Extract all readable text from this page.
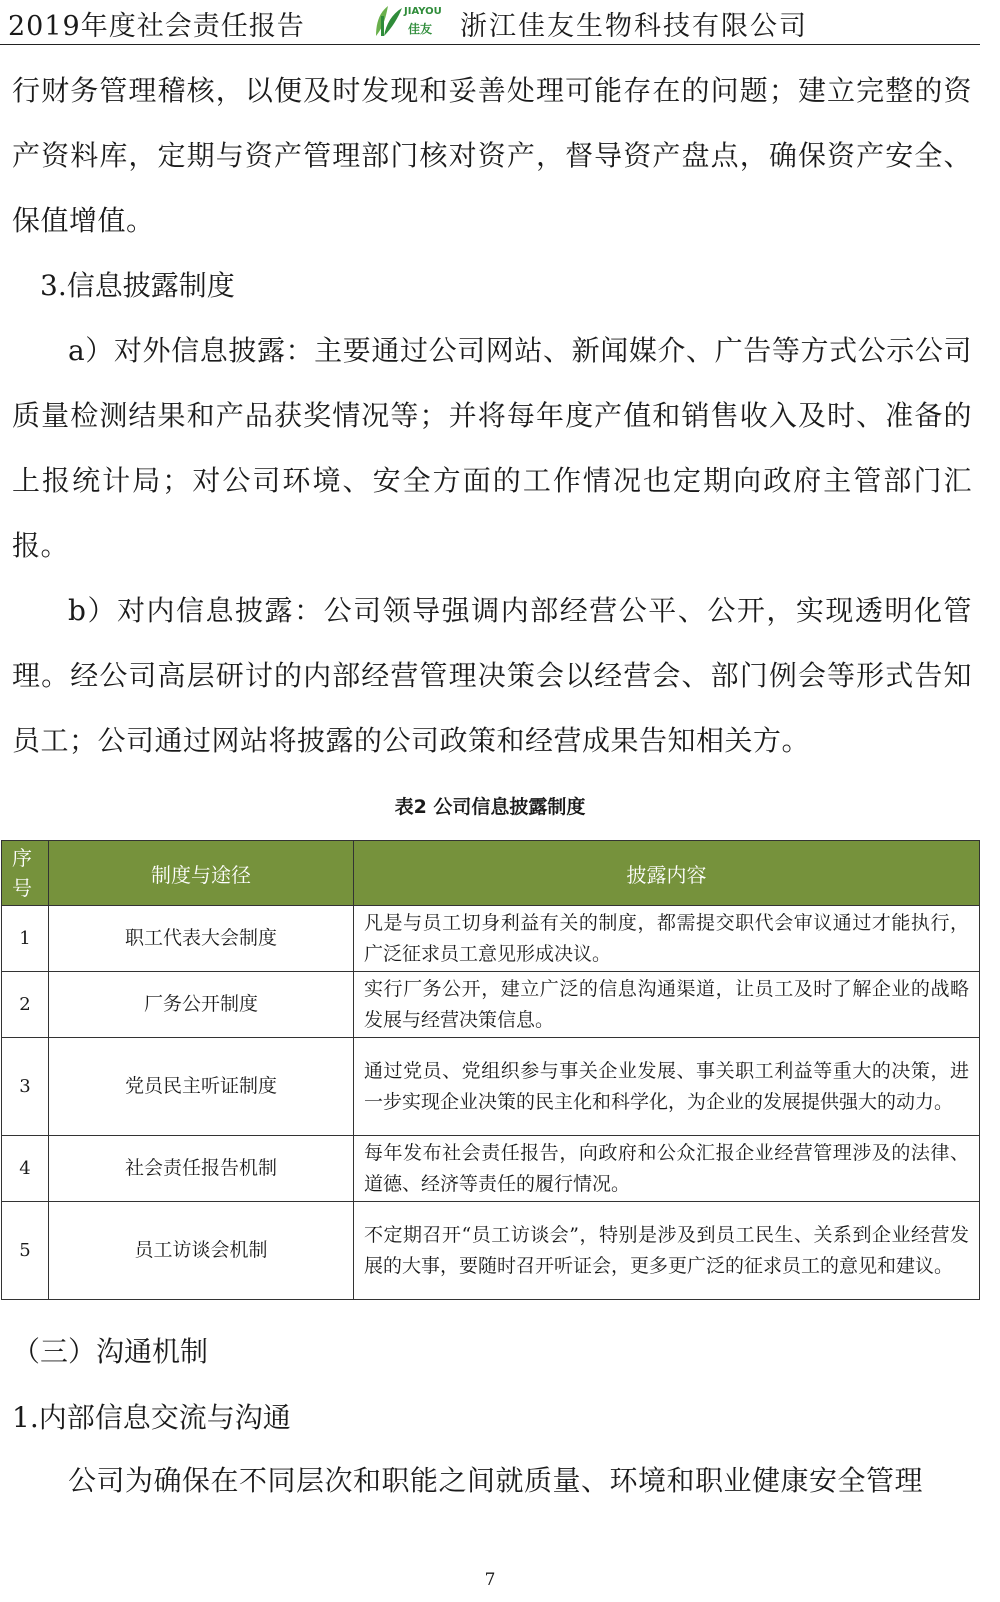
2019年度社会责任报告	JIAYOU
佳友 浙江佳友生物科技有限公司
行财务管理稽核，以便及时发现和妥善处理可能存在的问题；建立完整的资产资料库，定期与资产管理部门核对资产，督导资产盘点，确保资产安全、保值增值。
3.信息披露制度
a）对外信息披露：主要通过公司网站、新闻媒介、广告等方式公示公司质量检测结果和产品获奖情况等；并将每年度产值和销售收入及时、准备的上报统计局；对公司环境、安全方面的工作情况也定期向政府主管部门汇报。
b）对内信息披露：公司领导强调内部经营公平、公开，实现透明化管理。经公司高层研讨的内部经营管理决策会以经营会、部门例会等形式告知员工；公司通过网站将披露的公司政策和经营成果告知相关方。
表2 公司信息披露制度
序号	制度与途径	披露内容
1	职工代表大会制度	凡是与员工切身利益有关的制度，都需提交职代会审议通过才能执行，广泛征求员工意见形成决议。
2	厂务公开制度	实行厂务公开，建立广泛的信息沟通渠道，让员工及时了解企业的战略发展与经营决策信息。
3	党员民主听证制度	通过党员、党组织参与事关企业发展、事关职工利益等重大的决策，进一步实现企业决策的民主化和科学化，为企业的发展提供强大的动力。
4	社会责任报告机制	每年发布社会责任报告，向政府和公众汇报企业经营管理涉及的法律、道德、经济等责任的履行情况。
5	员工访谈会机制	不定期召开“员工访谈会”，特别是涉及到员工民生、关系到企业经营发展的大事，要随时召开听证会，更多更广泛的征求员工的意见和建议。
（三）沟通机制
1.内部信息交流与沟通
公司为确保在不同层次和职能之间就质量、环境和职业健康安全管理
7
